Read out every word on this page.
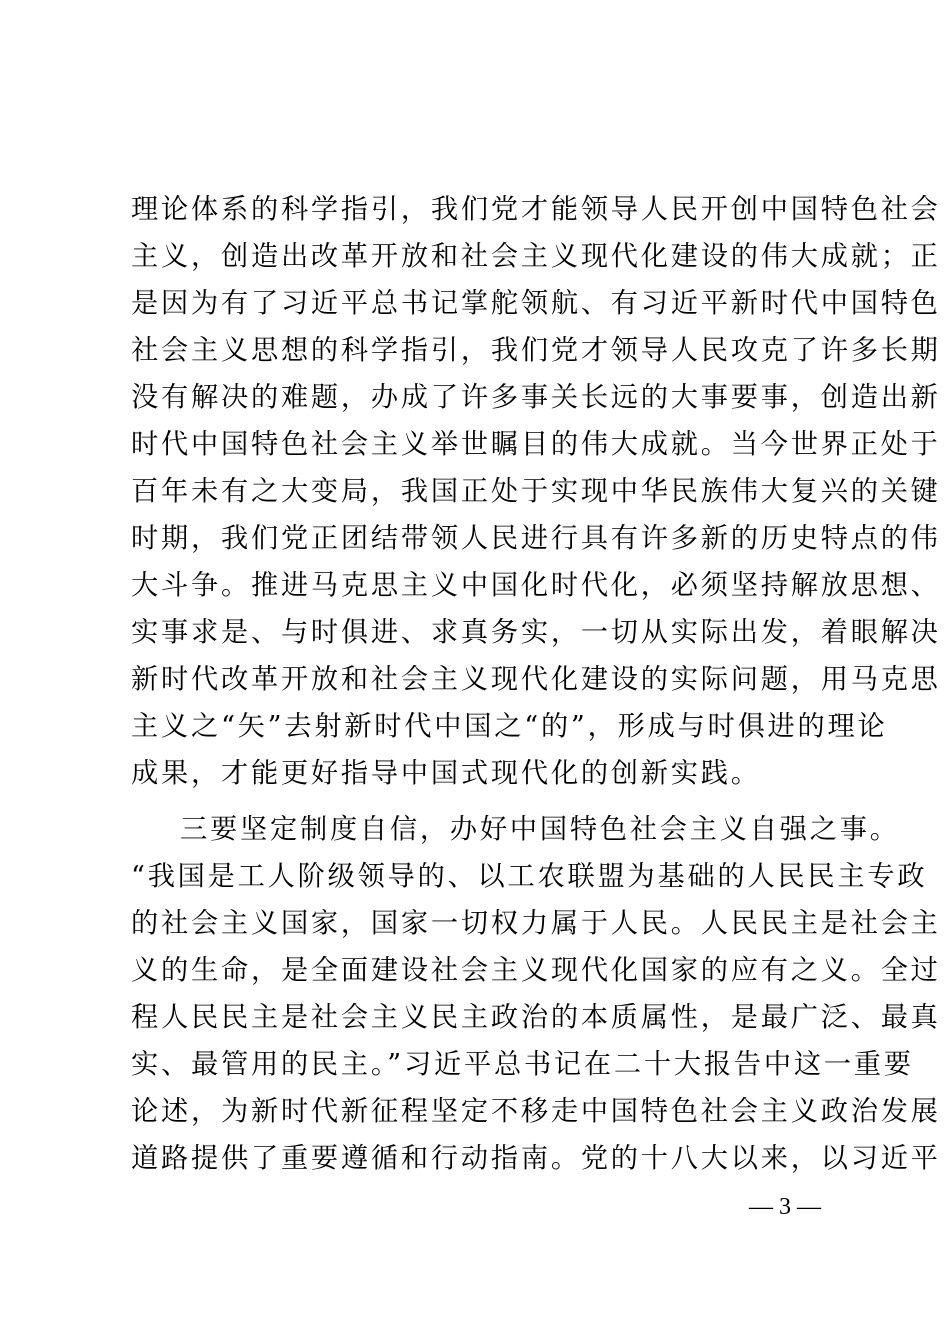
理论体系的科学指引，我们党才能领导人民开创中国特色社会
主义，创造出改革开放和社会主义现代化建设的伟大成就；正
是因为有了习近平总书记掌舵领航、有习近平新时代中国特色
社会主义思想的科学指引，我们党才领导人民攻克了许多长期
没有解决的难题，办成了许多事关长远的大事要事，创造出新
时代中国特色社会主义举世瞩目的伟大成就。当今世界正处于
百年未有之大变局，我国正处于实现中华民族伟大复兴的关键
时期，我们党正团结带领人民进行具有许多新的历史特点的伟
大斗争。推进马克思主义中国化时代化，必须坚持解放思想、
实事求是、与时俱进、求真务实，一切从实际出发，着眼解决
新时代改革开放和社会主义现代化建设的实际问题，用马克思
主义之“矢”去射新时代中国之“的”，形成与时俱进的理论
成果，才能更好指导中国式现代化的创新实践。
三要坚定制度自信，办好中国特色社会主义自强之事。
“我国是工人阶级领导的、以工农联盟为基础的人民民主专政
的社会主义国家，国家一切权力属于人民。人民民主是社会主
义的生命，是全面建设社会主义现代化国家的应有之义。全过
程人民民主是社会主义民主政治的本质属性，是最广泛、最真
实、最管用的民主。”习近平总书记在二十大报告中这一重要
论述，为新时代新征程坚定不移走中国特色社会主义政治发展
道路提供了重要遵循和行动指南。党的十八大以来，以习近平
— 3 —
